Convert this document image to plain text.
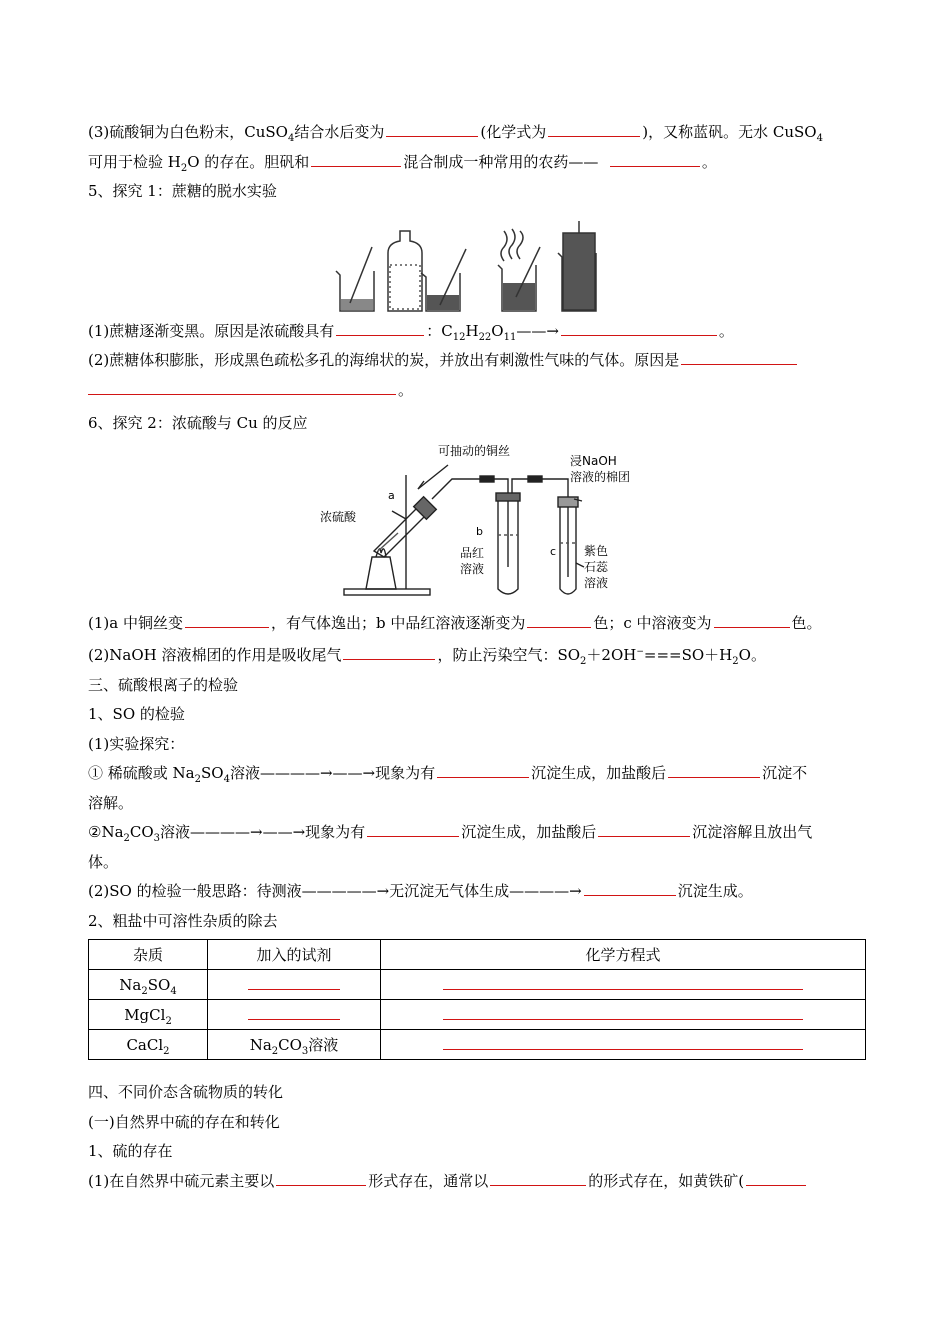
(3)硫酸铜为白色粉末，CuSO$_4$结合水后变为	(化学式为	)，又称蓝矾。无水 CuSO$_4$
可用于检验 $H_2O$ 的存在。胆矾和	混合制成一种常用的农药——	。
5、探究 1：蔗糖的脱水实验
(1)蔗糖逐渐变黑。原因是浓硫酸具有	：$C_{12}H_{22}O_{11}——\to$	。
(2)蔗糖体积膨胀，形成黑色疏松多孔的海绵状的炭，并放出有刺激性气味的气体。原因是
。
6、探究 2：浓硫酸与 Cu 的反应
可抽动的铜丝
a
浓硫酸
b
品红
溶液
浸NaOH
溶液的棉团
c 紫色
石蕊
溶液
(1)a 中铜丝变	，有气体逸出；b 中品红溶液逐渐变为	色；c 中溶液变为	色。
(2)NaOH 溶液棉团的作用是吸收尾气	，防止污染空气：$SO_2+2OH^-===SO+H_2O$。
三、硫酸根离子的检验
1、SO 的检验
(1)实验探究：
① 稀硫酸或 $Na_2SO_4$溶液————→——→现象为有	沉淀生成，加盐酸后	沉淀不
溶解。
$②Na_2CO_3$溶液————→——→现象为有	沉淀生成，加盐酸后	沉淀溶解且放出气
体。
(2)SO 的检验一般思路：待测液—————→无沉淀无气体生成————→	沉淀生成。
2、粗盐中可溶性杂质的除去
杂质	加入的试剂	化学方程式
$Na_2SO_4$		
MgCl$_2$		
CaCl$_2$	$Na_2CO_3$溶液	
四、不同价态含硫物质的转化
(一)自然界中硫的存在和转化
1、硫的存在
(1)在自然界中硫元素主要以	形式存在，通常以	的形式存在，如黄铁矿(
